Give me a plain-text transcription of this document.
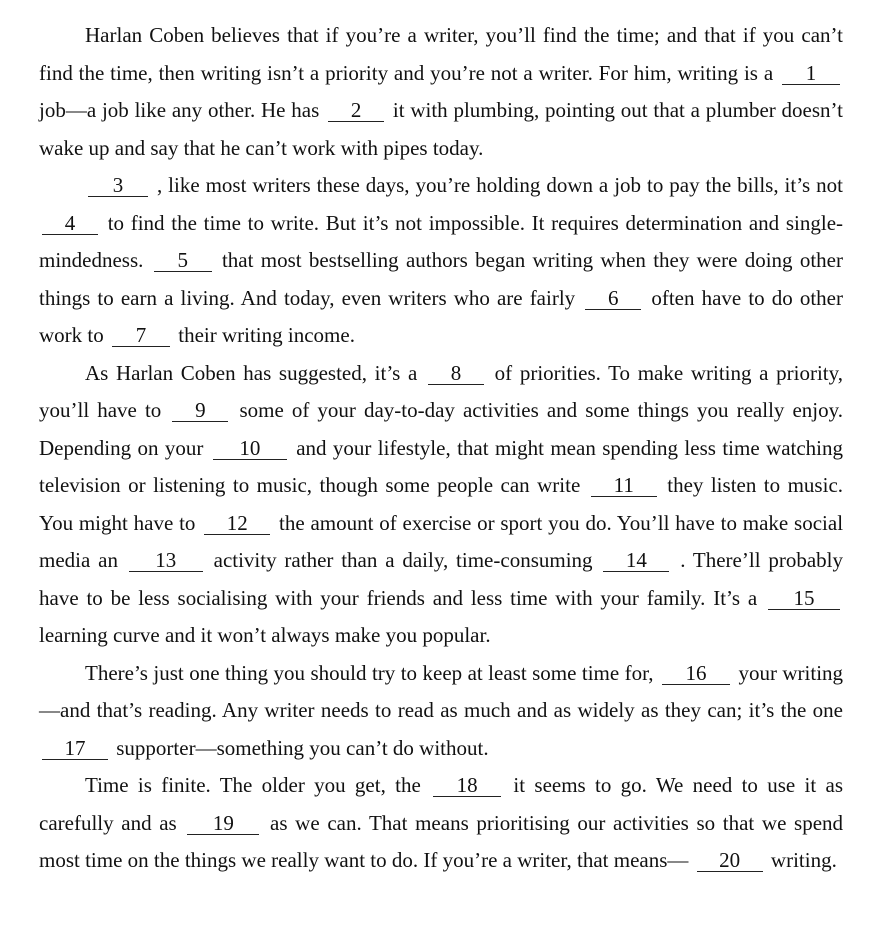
Harlan Coben believes that if you’re a writer, you’ll find the time; and that if you can’t find the time, then writing isn’t a priority and you’re not a writer. For him, writing is a 1 job—a job like any other. He has 2 it with plumbing, pointing out that a plumber doesn’t wake up and say that he can’t work with pipes today.

3 , like most writers these days, you’re holding down a job to pay the bills, it’s not 4 to find the time to write. But it’s not impossible. It requires determination and single-mindedness. 5 that most bestselling authors began writing when they were doing other things to earn a living. And today, even writers who are fairly 6 often have to do other work to 7 their writing income.

As Harlan Coben has suggested, it’s a 8 of priorities. To make writing a priority, you’ll have to 9 some of your day-to-day activities and some things you really enjoy. Depending on your 10 and your lifestyle, that might mean spending less time watching television or listening to music, though some people can write 11 they listen to music. You might have to 12 the amount of exercise or sport you do. You’ll have to make social media an 13 activity rather than a daily, time-consuming 14 . There’ll probably have to be less socialising with your friends and less time with your family. It’s a 15 learning curve and it won’t always make you popular.

There’s just one thing you should try to keep at least some time for, 16 your writing—and that’s reading. Any writer needs to read as much and as widely as they can; it’s the one 17 supporter—something you can’t do without.

Time is finite. The older you get, the 18 it seems to go. We need to use it as carefully and as 19 as we can. That means prioritising our activities so that we spend most time on the things we really want to do. If you’re a writer, that means— 20 writing.
